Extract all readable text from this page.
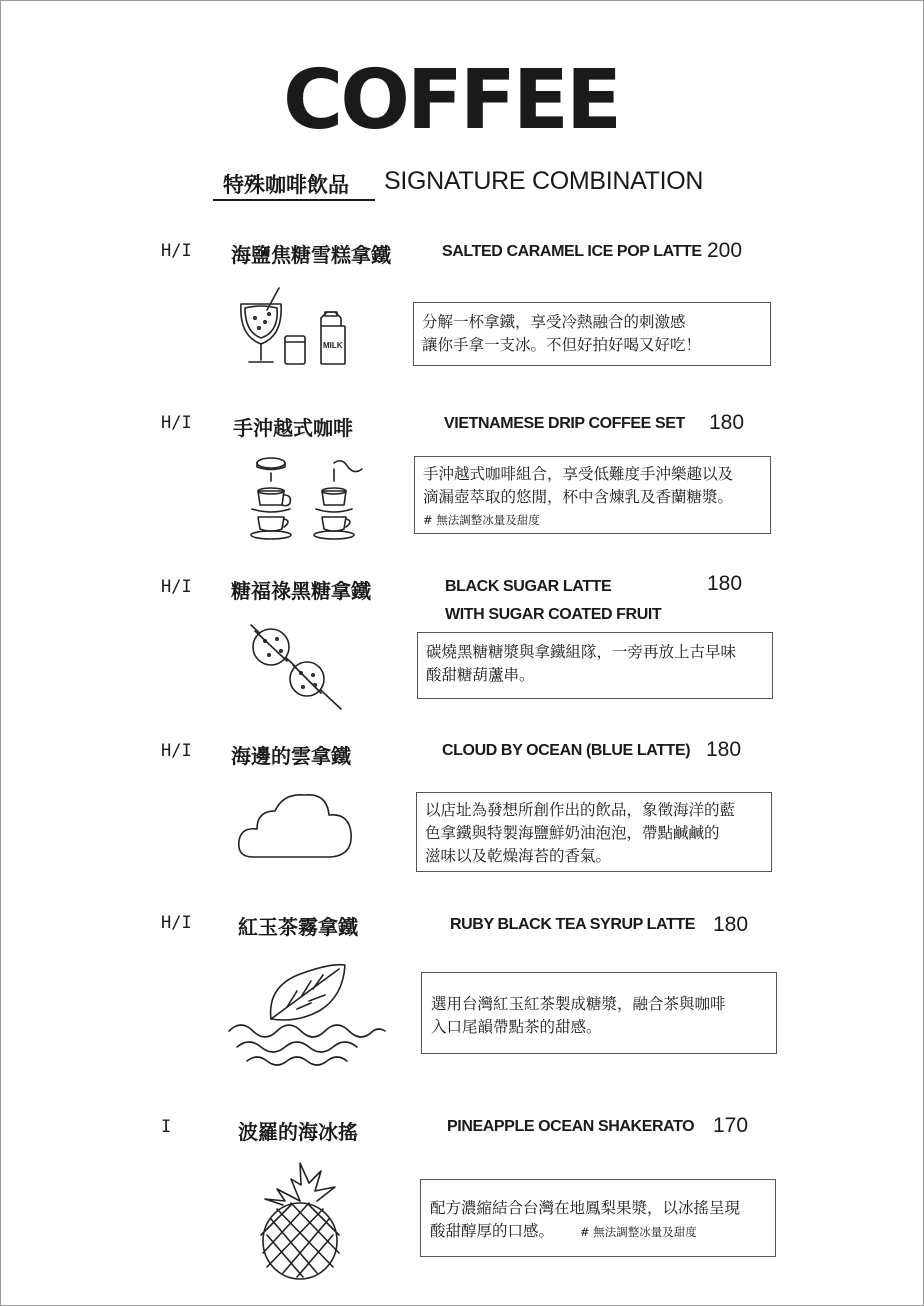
COFFEE
特殊咖啡飲品 SIGNATURE COMBINATION
H/I 海鹽焦糖雪糕拿鐵	SALTED CARAMEL ICE POP LATTE 200
MILK
分解一杯拿鐵，享受冷熱融合的刺激感
讓你手拿一支冰。不但好拍好喝又好吃！
H/I 手沖越式咖啡	VIETNAMESE DRIP COFFEE SET 180
手沖越式咖啡組合，享受低難度手沖樂趣以及
滴漏壺萃取的悠閒，杯中含煉乳及香蘭糖漿。
# 無法調整冰量及甜度
H/I 糖福祿黑糖拿鐵	BLACK SUGAR LATTE
WITH SUGAR COATED FRUIT
180
碳燒黑糖糖漿與拿鐵組隊，一旁再放上古早味
酸甜糖葫蘆串。
H/I 海邊的雲拿鐵	CLOUD BY OCEAN (BLUE LATTE) 180
以店址為發想所創作出的飲品，象徵海洋的藍
色拿鐵與特製海鹽鮮奶油泡泡，帶點鹹鹹的
滋味以及乾燥海苔的香氣。
H/I 紅玉茶霧拿鐵	RUBY BLACK TEA SYRUP LATTE 180
選用台灣紅玉紅茶製成糖漿，融合茶與咖啡
入口尾韻帶點茶的甜感。
I	波羅的海冰搖	PINEAPPLE OCEAN SHAKERATO 170
配方濃縮結合台灣在地鳳梨果漿，以冰搖呈現
酸甜醇厚的口感。 # 無法調整冰量及甜度
